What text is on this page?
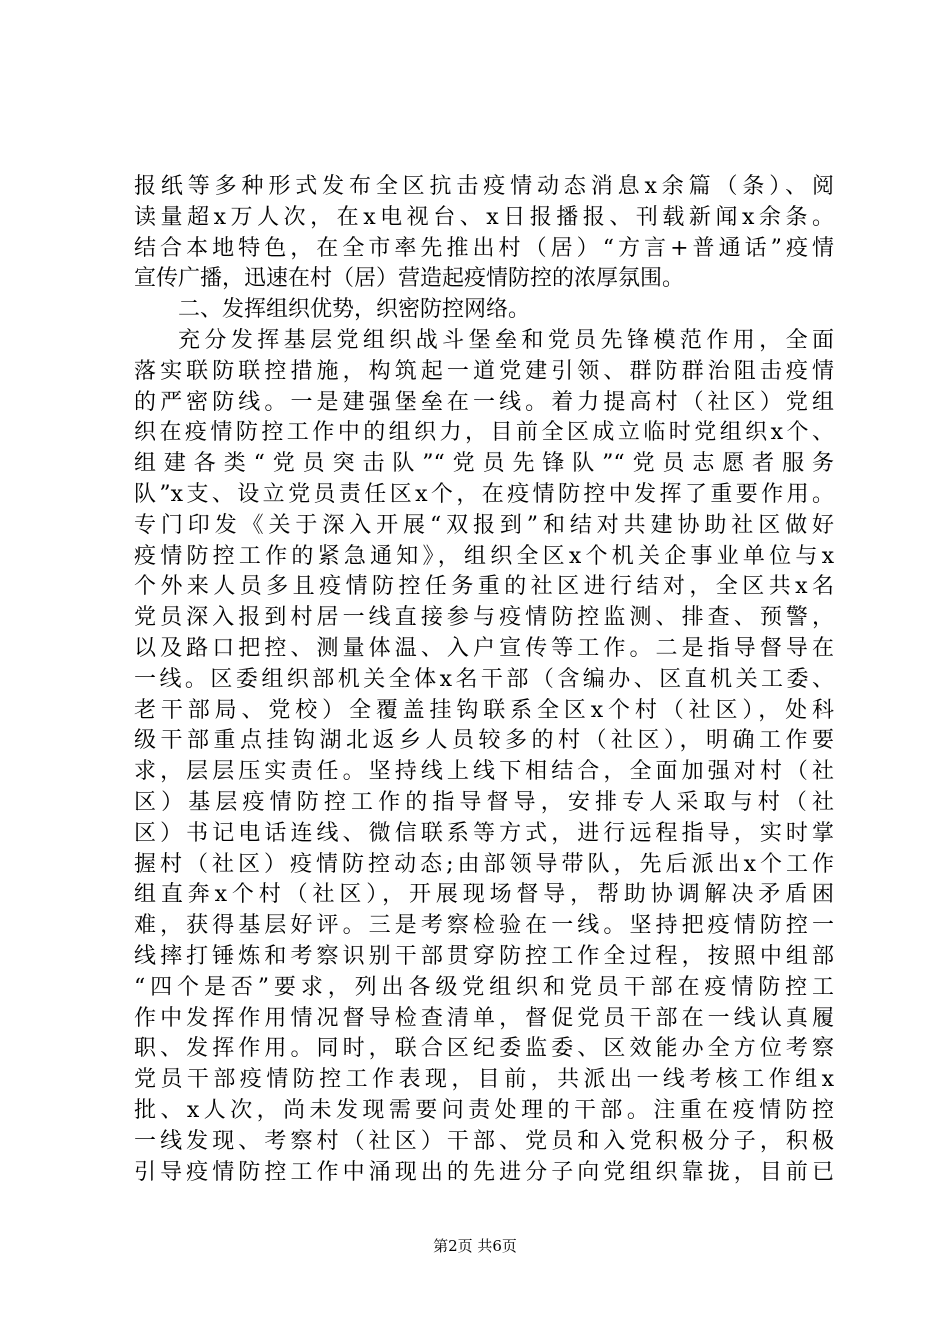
报纸等多种形式发布全区抗击疫情动态消息x余篇（条）、阅
读量超x万人次，在x电视台、x日报播报、刊载新闻x余条。
结合本地特色，在全市率先推出村（居）“方言+普通话”疫情
宣传广播，迅速在村（居）营造起疫情防控的浓厚氛围。
二、发挥组织优势，织密防控网络。
充分发挥基层党组织战斗堡垒和党员先锋模范作用，全面
落实联防联控措施，构筑起一道党建引领、群防群治阻击疫情
的严密防线。一是建强堡垒在一线。着力提高村（社区）党组
织在疫情防控工作中的组织力，目前全区成立临时党组织x个、
组建各类“党员突击队”“党员先锋队”“党员志愿者服务
队”x支、设立党员责任区x个，在疫情防控中发挥了重要作用。
专门印发《关于深入开展“双报到”和结对共建协助社区做好
疫情防控工作的紧急通知》，组织全区x个机关企事业单位与x
个外来人员多且疫情防控任务重的社区进行结对，全区共x名
党员深入报到村居一线直接参与疫情防控监测、排查、预警，
以及路口把控、测量体温、入户宣传等工作。二是指导督导在
一线。区委组织部机关全体x名干部（含编办、区直机关工委、
老干部局、党校）全覆盖挂钩联系全区x个村（社区），处科
级干部重点挂钩湖北返乡人员较多的村（社区），明确工作要
求，层层压实责任。坚持线上线下相结合，全面加强对村（社
区）基层疫情防控工作的指导督导，安排专人采取与村（社
区）书记电话连线、微信联系等方式，进行远程指导，实时掌
握村（社区）疫情防控动态;由部领导带队，先后派出x个工作
组直奔x个村（社区），开展现场督导，帮助协调解决矛盾困
难，获得基层好评。三是考察检验在一线。坚持把疫情防控一
线摔打锤炼和考察识别干部贯穿防控工作全过程，按照中组部
“四个是否”要求，列出各级党组织和党员干部在疫情防控工
作中发挥作用情况督导检查清单，督促党员干部在一线认真履
职、发挥作用。同时，联合区纪委监委、区效能办全方位考察
党员干部疫情防控工作表现，目前，共派出一线考核工作组x
批、x人次，尚未发现需要问责处理的干部。注重在疫情防控
一线发现、考察村（社区）干部、党员和入党积极分子，积极
引导疫情防控工作中涌现出的先进分子向党组织靠拢，目前已
第2页 共6页
